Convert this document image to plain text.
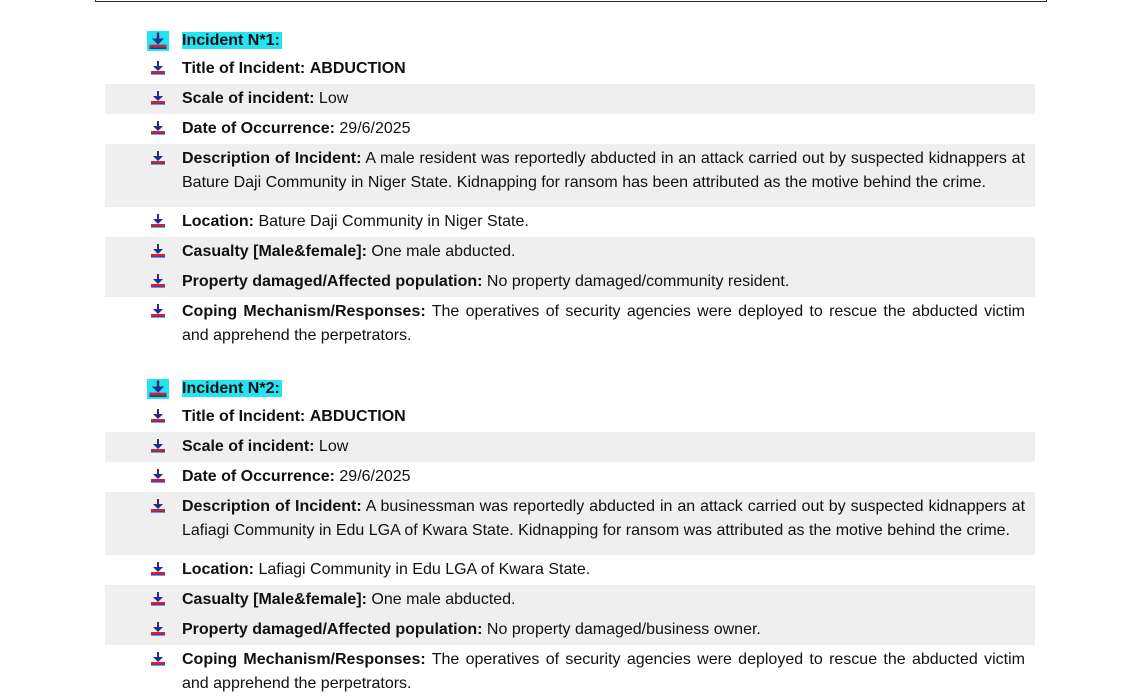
Incident N*1:
Title of Incident: ABDUCTION
Scale of incident: Low
Date of Occurrence: 29/6/2025
Description of Incident: A male resident was reportedly abducted in an attack carried out by suspected kidnappers at Bature Daji Community in Niger State. Kidnapping for ransom has been attributed as the motive behind the crime.
Location: Bature Daji Community in Niger State.
Casualty [Male&female]: One male abducted.
Property damaged/Affected population: No property damaged/community resident.
Coping Mechanism/Responses: The operatives of security agencies were deployed to rescue the abducted victim and apprehend the perpetrators.
Incident N*2:
Title of Incident: ABDUCTION
Scale of incident: Low
Date of Occurrence: 29/6/2025
Description of Incident: A businessman was reportedly abducted in an attack carried out by suspected kidnappers at Lafiagi Community in Edu LGA of Kwara State. Kidnapping for ransom was attributed as the motive behind the crime.
Location: Lafiagi Community in Edu LGA of Kwara State.
Casualty [Male&female]: One male abducted.
Property damaged/Affected population: No property damaged/business owner.
Coping Mechanism/Responses: The operatives of security agencies were deployed to rescue the abducted victim and apprehend the perpetrators.
